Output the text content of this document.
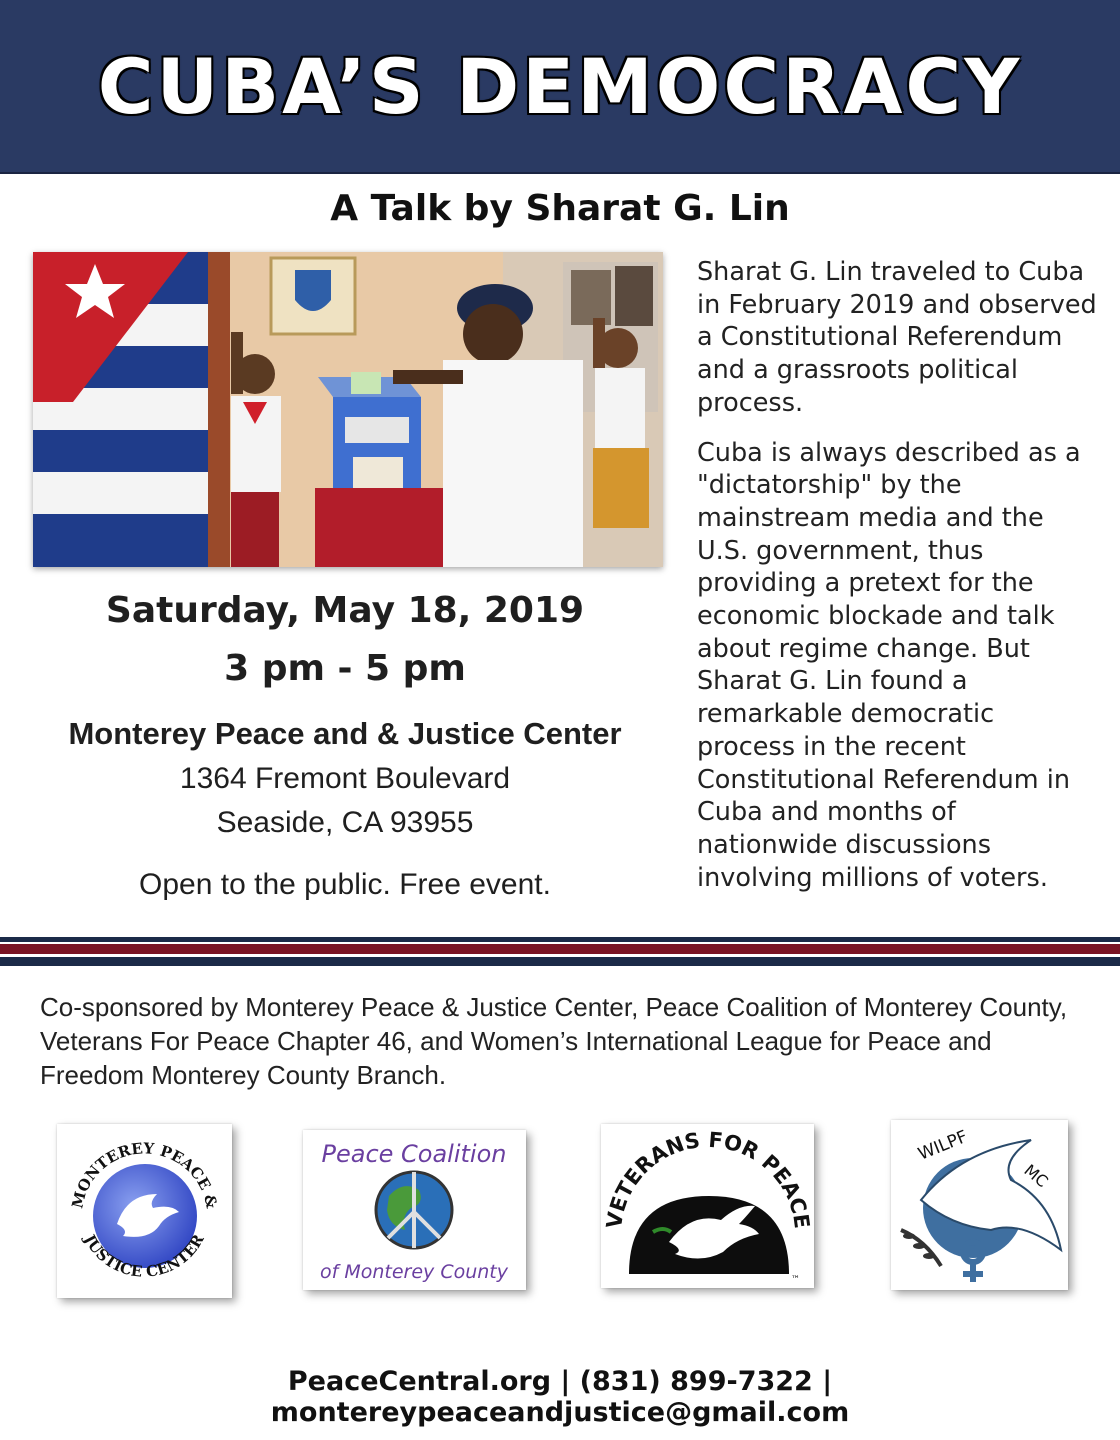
CUBA’S DEMOCRACY
A Talk by Sharat G. Lin
Saturday, May 18, 2019
3 pm - 5 pm
Monterey Peace and & Justice Center
1364 Fremont Boulevard
Seaside, CA 93955
Open to the public. Free event.

Sharat G. Lin traveled to Cuba in February 2019 and observed a Constitutional Referendum and a grassroots political process.

Cuba is always described as a "dictatorship" by the mainstream media and the U.S. government, thus providing a pretext for the economic blockade and talk about regime change. But Sharat G. Lin found a remarkable democratic process in the recent Constitutional Referendum in Cuba and months of nationwide discussions involving millions of voters.

Co-sponsored by Monterey Peace & Justice Center, Peace Coalition of Monterey County, Veterans For Peace Chapter 46, and Women’s International League for Peace and Freedom Monterey County Branch.
MONTEREY PEACE &
JUSTICE CENTER
Peace Coalition
of Monterey County
VETERANS FOR PEACE
™
WILPF
MC
PeaceCentral.org | (831) 899-7322 | montereypeaceandjustice@gmail.com
